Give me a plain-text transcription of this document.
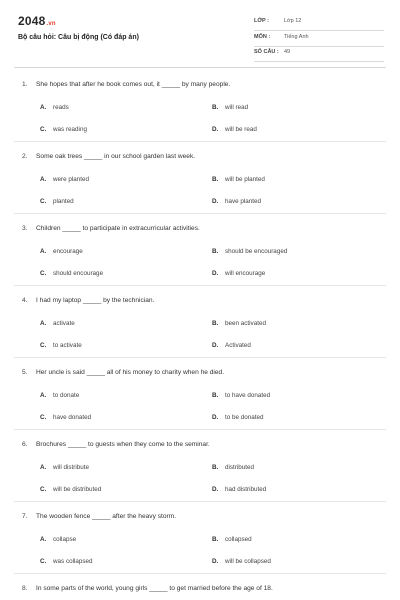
2048.vn
Bộ câu hỏi: Câu bị động (Có đáp án)
LỚP :	Lớp 12
MÔN :	Tiếng Anh
SỐ CÂU : 49
1. She hopes that after he book comes out, it _____ by many people.
A. reads	B. will read
C. was reading	D. will be read
2. Some oak trees _____ in our school garden last week.
A. were planted	B. will be planted
C. planted	D. have planted
3. Children _____ to participate in extracurricular activities.
A. encourage	B. should be encouraged
C. should encourage	D. will encourage
4. I had my laptop _____ by the technician.
A. activate	B. been activated
C. to activate	D. Activated
5. Her uncle is said _____ all of his money to charity when he died.
A. to donate	B. to have donated
C. have donated	D. to be donated
6. Brochures _____ to guests when they come to the seminar.
A. will distribute	B. distributed
C. will be distributed	D. had distributed
7. The wooden fence _____ after the heavy storm.
A. collapse	B. collapsed
C. was collapsed	D. will be collapsed
8. In some parts of the world, young girls _____ to get married before the age of 18.
